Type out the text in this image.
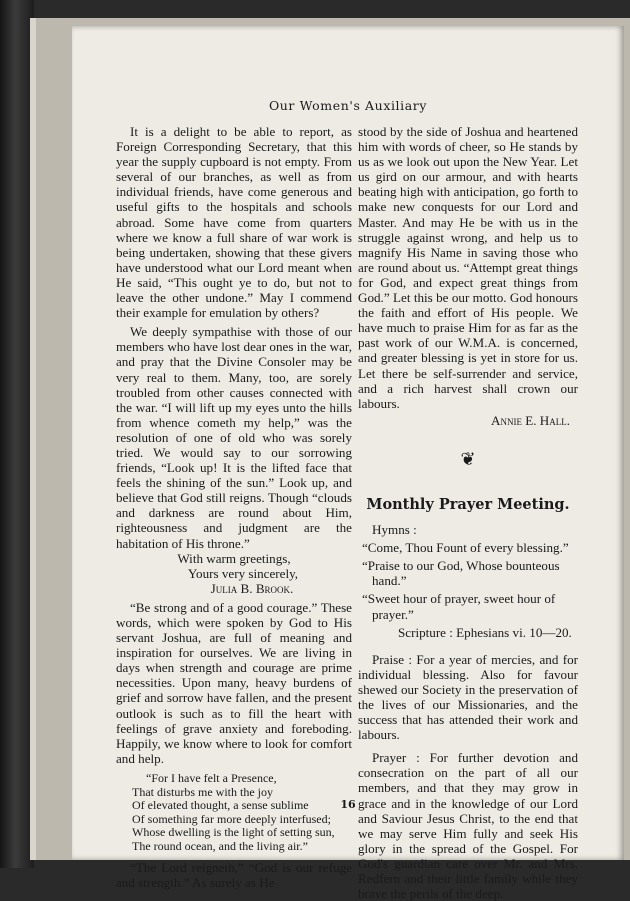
Our Women's Auxiliary

It is a delight to be able to report, as Foreign Corresponding Secretary, that this year the supply cupboard is not empty. From several of our branches, as well as from individual friends, have come generous and useful gifts to the hospitals and schools abroad. Some have come from quarters where we know a full share of war work is being undertaken, showing that these givers have understood what our Lord meant when He said, “This ought ye to do, but not to leave the other undone.” May I commend their example for emulation by others?

We deeply sympathise with those of our members who have lost dear ones in the war, and pray that the Divine Consoler may be very real to them. Many, too, are sorely troubled from other causes connected with the war. “I will lift up my eyes unto the hills from whence cometh my help,” was the resolution of one of old who was sorely tried. We would say to our sorrowing friends, “Look up! It is the lifted face that feels the shining of the sun.” Look up, and believe that God still reigns. Though “clouds and darkness are round about Him, righteousness and judgment are the habitation of His throne.”

With warm greetings,
Yours very sincerely,
Julia B. Brook.

“Be strong and of a good courage.” These words, which were spoken by God to His servant Joshua, are full of meaning and inspiration for ourselves. We are living in days when strength and courage are prime necessities. Upon many, heavy burdens of grief and sorrow have fallen, and the present outlook is such as to fill the heart with feelings of grave anxiety and foreboding. Happily, we know where to look for comfort and help.

“For I have felt a Presence,
That disturbs me with the joy
Of elevated thought, a sense sublime
Of something far more deeply interfused;
Whose dwelling is the light of setting sun,
The round ocean, and the living air.”

“The Lord reigneth,” “God is our refuge and strength.” As surely as He

stood by the side of Joshua and heartened him with words of cheer, so He stands by us as we look out upon the New Year. Let us gird on our armour, and with hearts beating high with anticipation, go forth to make new conquests for our Lord and Master. And may He be with us in the struggle against wrong, and help us to magnify His Name in saving those who are round about us. “Attempt great things for God, and expect great things from God.” Let this be our motto. God honours the faith and effort of His people. We have much to praise Him for as far as the past work of our W.M.A. is concerned, and greater blessing is yet in store for us. Let there be self-surrender and service, and a rich harvest shall crown our labours.

Annie E. Hall.

❦

Monthly Prayer Meeting.

Hymns :

“Come, Thou Fount of every blessing.”

“Praise to our God, Whose bounteous hand.”

“Sweet hour of prayer, sweet hour of prayer.”

Scripture : Ephesians vi. 10—20.

Praise : For a year of mercies, and for individual blessing. Also for favour shewed our Society in the preservation of the lives of our Missionaries, and the success that has attended their work and labours.

Prayer : For further devotion and consecration on the part of all our members, and that they may grow in grace and in the knowledge of our Lord and Saviour Jesus Christ, to the end that we may serve Him fully and seek His glory in the spread of the Gospel. For God's guardian care over Mr. and Mrs. Redfern and their little family while they brave the perils of the deep.

16
